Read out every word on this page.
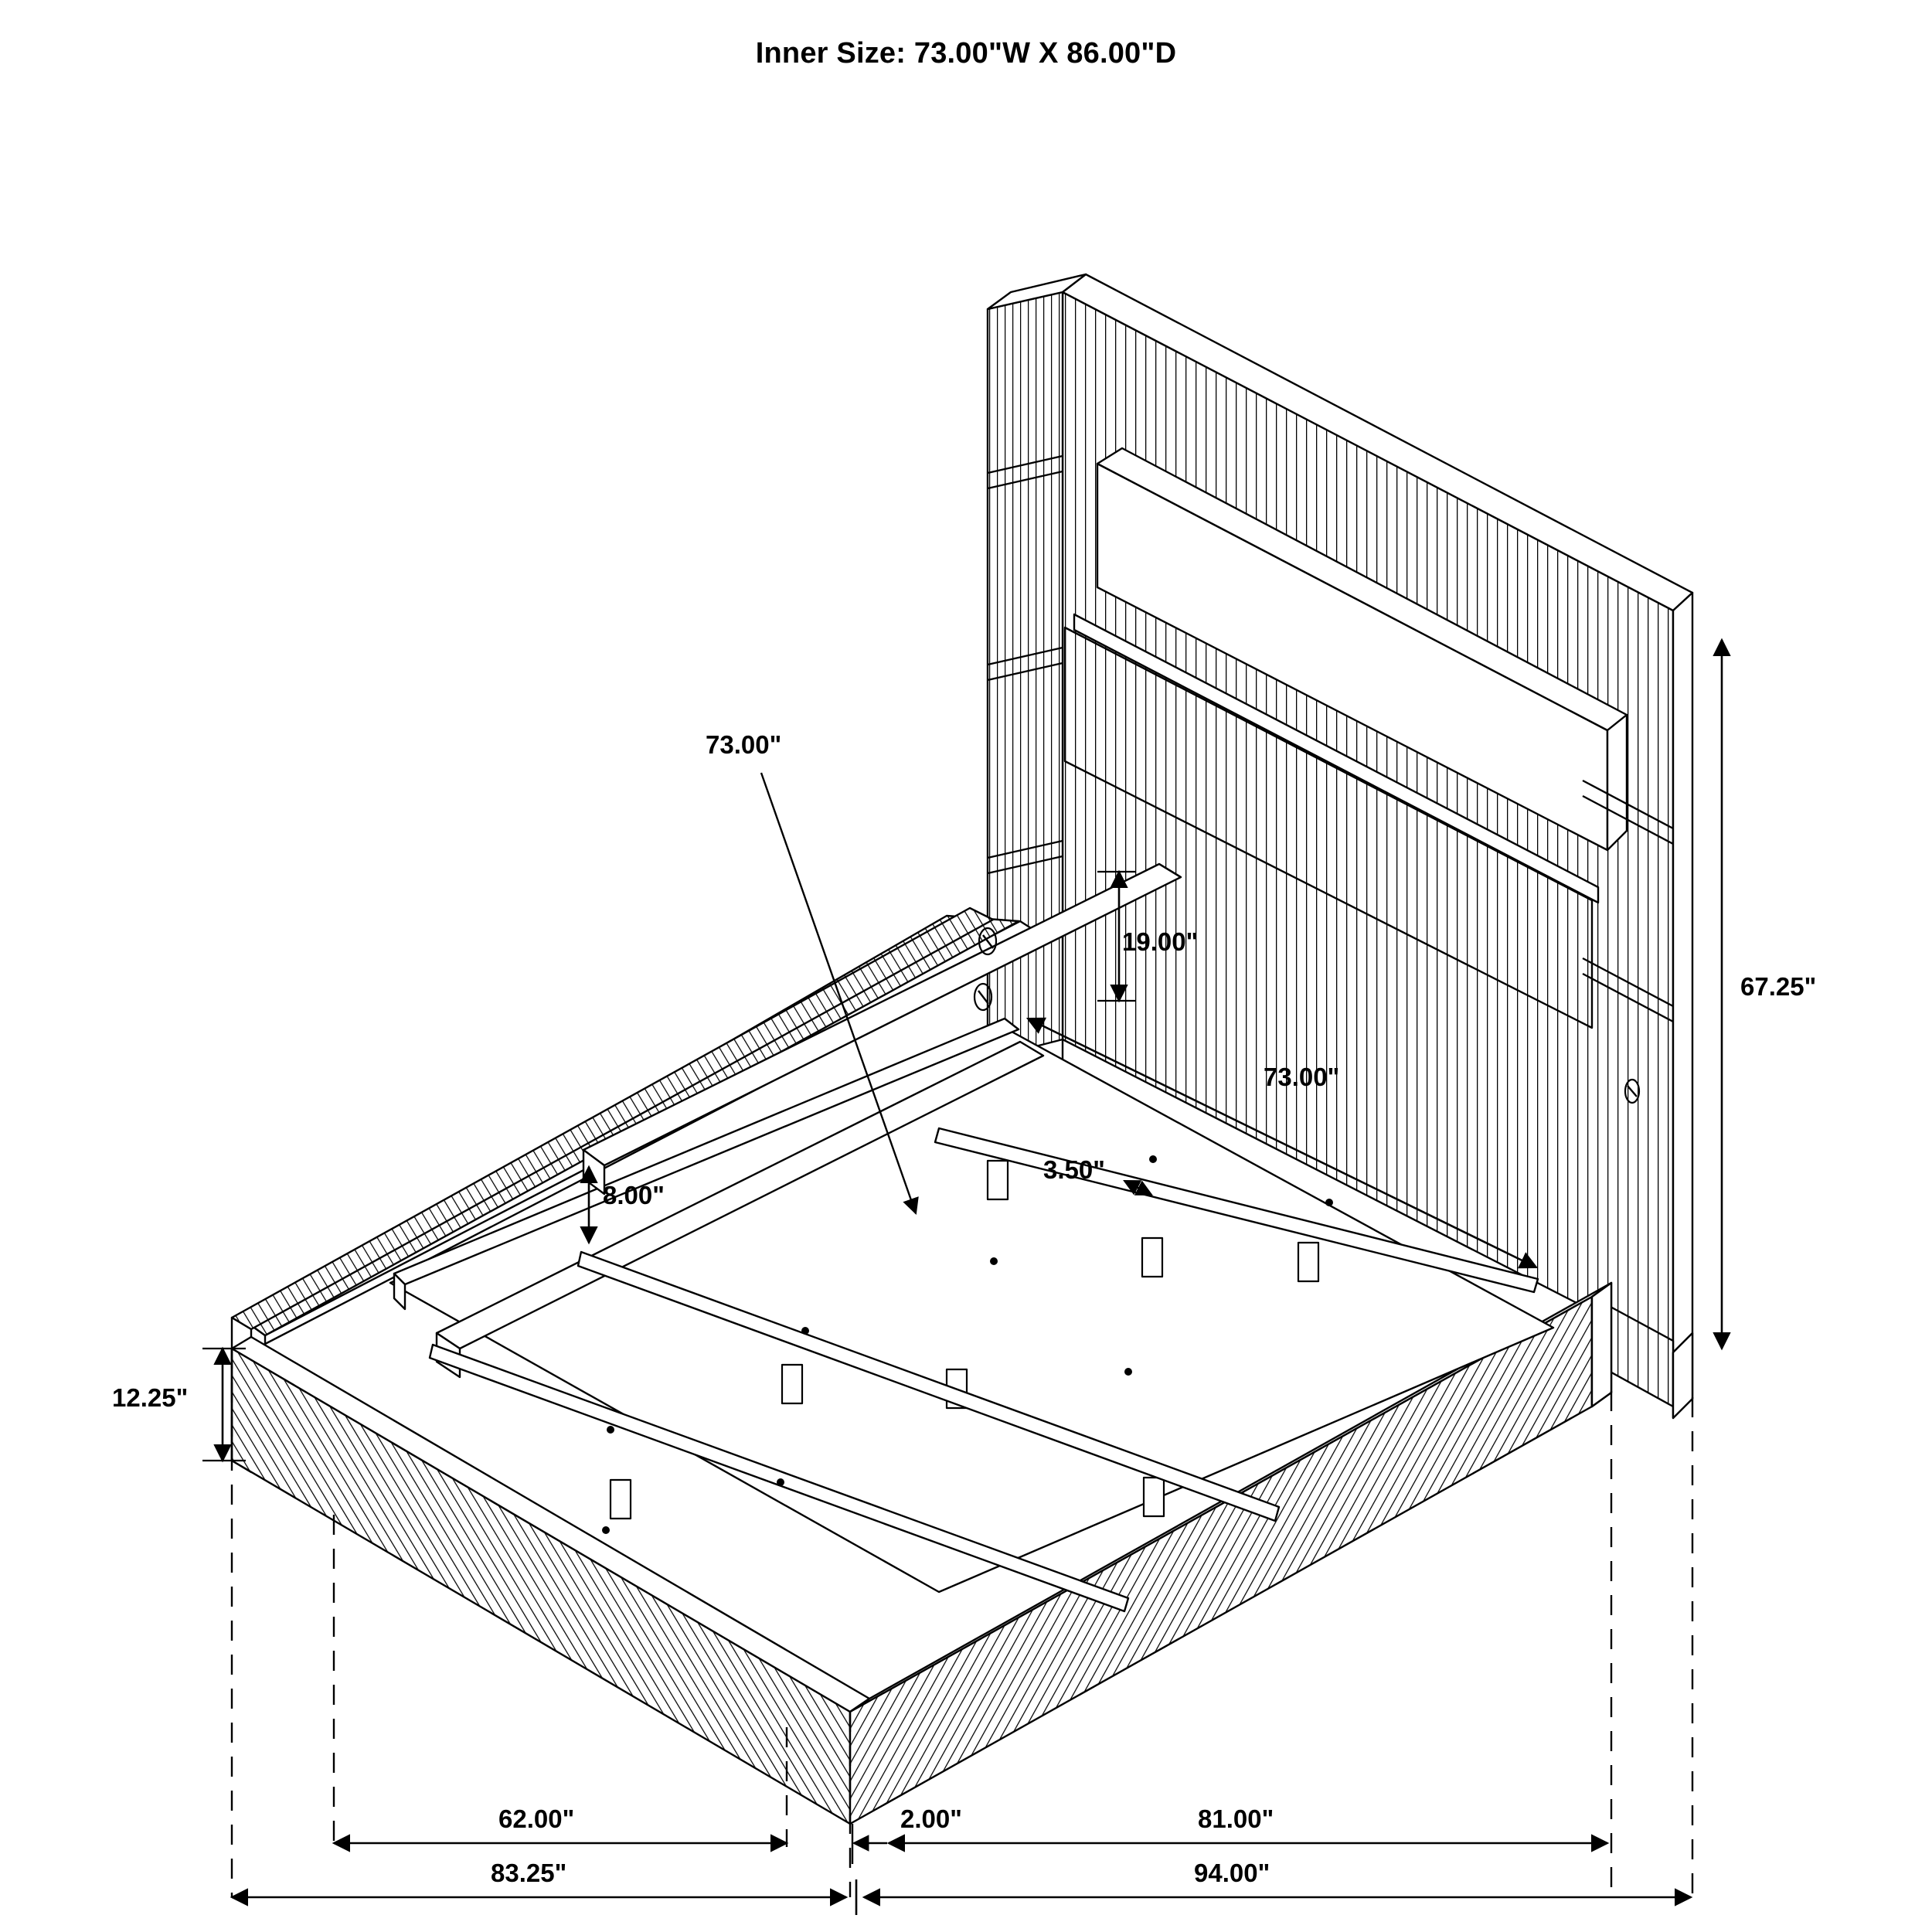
Inner Size: 73.00"W X 86.00"D
73.00"
19.00"
73.00"
3.50"
8.00"
67.25"
12.25"
62.00"
83.25"
2.00"	81.00"
94.00"
